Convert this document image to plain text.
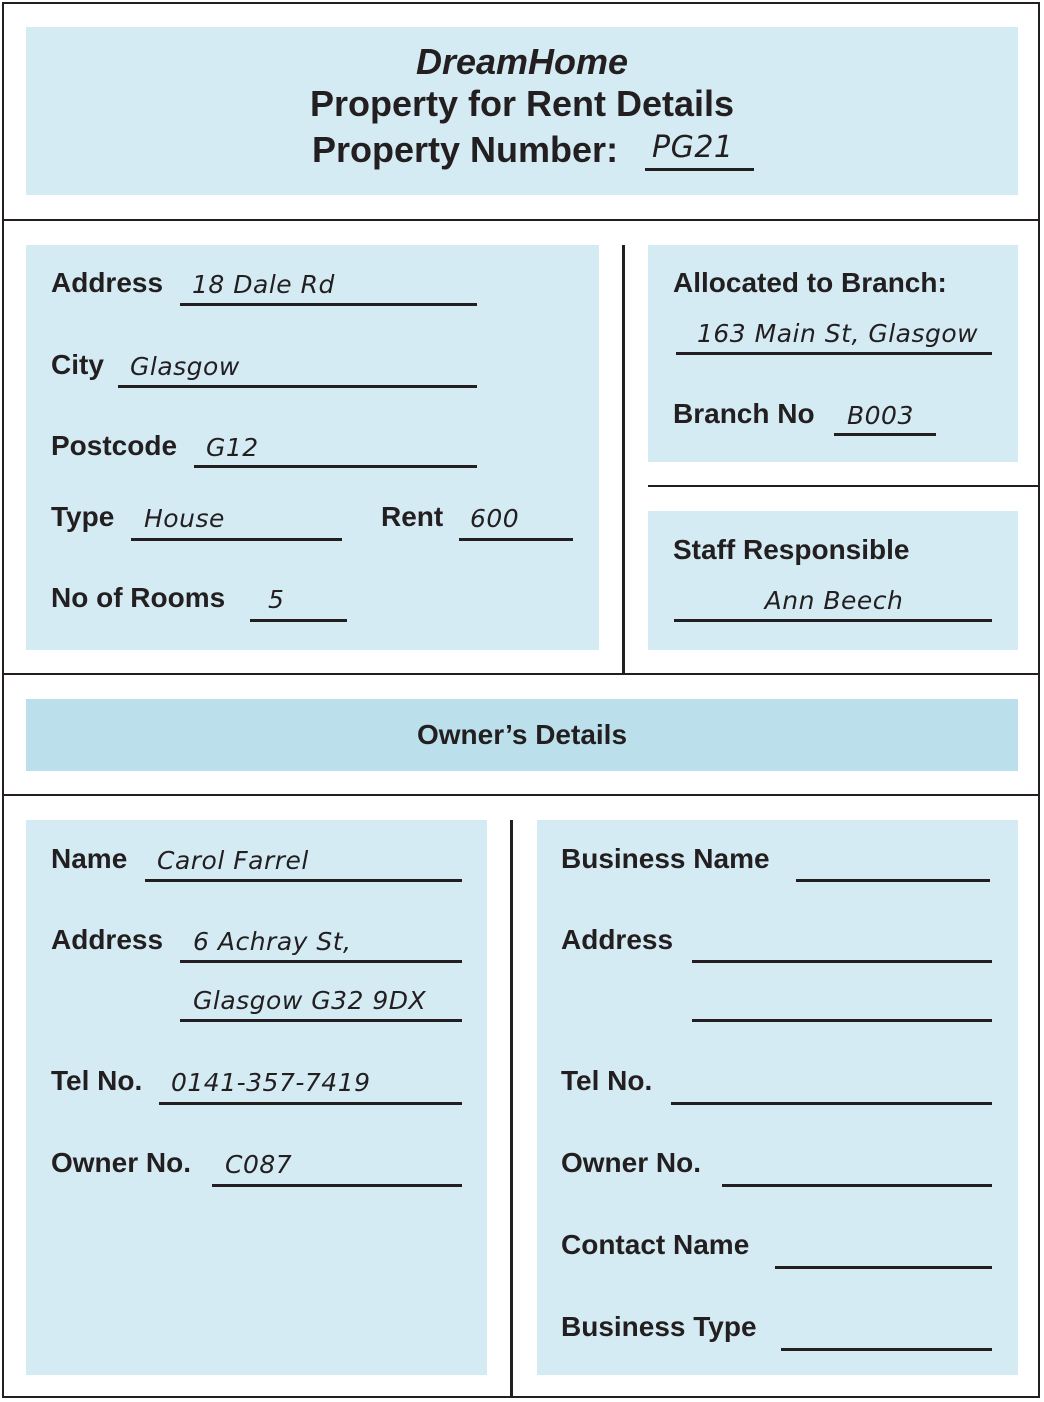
DreamHome
Property for Rent Details
Property Number:	PG21
Address 18 Dale Rd
City Glasgow
Postcode G12
Type House	Rent 600
No of Rooms 5
Allocated to Branch:
163 Main St, Glasgow
Branch No B003
Staff Responsible
Ann Beech
Owner’s Details
Name Carol Farrel
Address 6 Achray St,
Glasgow G32 9DX
Tel No. 0141-357-7419
Owner No. C087
Business Name
Address
Tel No.
Owner No.
Contact Name
Business Type
